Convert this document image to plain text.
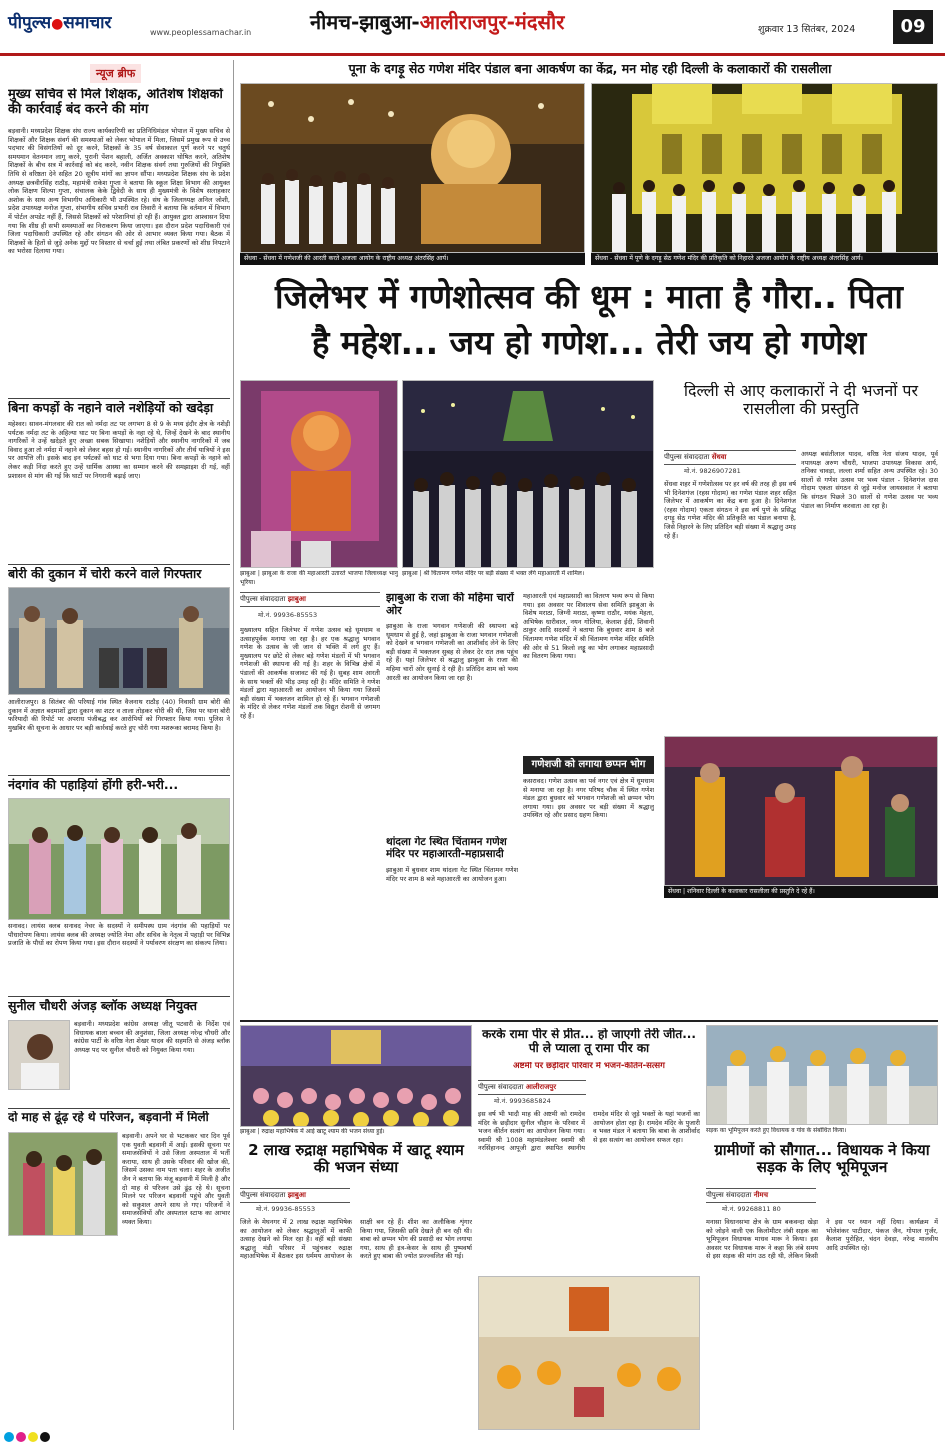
पीपुल्स●समाचार	www.peoplessamachar.in	नीमच-झाबुआ-आलीराजपुर-मंदसौर	शुक्रवार 13 सितंबर, 2024	09
न्यूज ब्रीफ
मुख्य सचिव से मिले शिक्षक, अतिशेष शिक्षकों की कार्रवाई बंद करने की मांग
बड़वानी। मध्यप्रदेश शिक्षक संघ राज्य कार्यकारिणी का प्रतिनिधिमंडल भोपाल में मुख्य सचिव से शिक्षकों और शिक्षक संवर्ग की समस्याओं को लेकर भोपाल में मिला, जिसमें प्रमुख रूप से उच्च पदभार की विसंगतियों को दूर करने, शिक्षकों के 35 वर्ष सेवाकाल पूर्ण करने पर चतुर्थ समयमान वेतनमान लागू करने, पुरानी पेंशन बहाली, अर्जित अवकाश घोषित करने, अतिशेष शिक्षकों के बीच सत्र में कार्रवाई को बंद करने, नवीन शिक्षक संवर्ग तथा गुरुजियों की नियुक्ति तिथि से वरिष्ठता देने सहित 20 सूत्रीय मांगों का ज्ञापन सौंपा। मध्यप्रदेश शिक्षक संघ के प्रदेश अध्यक्ष छत्रवीरसिंह राठौड़, महामंत्री राकेश गुप्ता ने बताया कि स्कूल शिक्षा विभाग की आयुक्त लोक शिक्षण शिल्पा गुप्ता, संचालक केके द्विवेदी के साथ ही मुख्यमंत्री के विशेष सलाहकार अशोक के साथ अन्य विभागीय अधिकारी भी उपस्थित रहे। संघ के जिलाध्यक्ष अनिल जोशी, प्रदेश उपाध्यक्ष मनोज गुप्ता, संभागीय सचिव प्रभारी राव तिवारी ने बताया कि वर्तमान में विभाग में पोर्टल अपडेट नहीं हैं, जिससे शिक्षकों को परेशानियां हो रही हैं। आयुक्त द्वारा आश्वासन दिया गया कि शीघ्र ही सभी समस्याओं का निराकरण किया जाएगा। इस दौरान प्रदेश पदाधिकारी एवं जिला पदाधिकारी उपस्थित रहे और संगठन की ओर से आभार व्यक्त किया गया। बैठक में शिक्षकों के हितों से जुड़े अनेक मुद्दों पर विस्तार से चर्चा हुई तथा लंबित प्रकरणों को शीघ्र निपटाने का भरोसा दिलाया गया।
बिना कपड़ों के नहाने वाले नशेड़ियों को खदेड़ा
महेश्वर। सावन-मंगलवार की रात को नर्मदा तट पर लगभग 8 से 9 के मध्य इंदौर क्षेत्र के नशेड़ी पर्यटक नर्मदा तट के अहिल्या घाट पर बिना कपड़ों के नहा रहे थे, जिन्हें देखने के बाद स्थानीय नागरिकों ने उन्हें खदेड़ते हुए अच्छा सबक सिखाया। नशेड़ियों और स्थानीय नागरिकों में जब विवाद हुआ तो नर्मदा में नहाने को लेकर बहस हो गई। स्थानीय नागरिकों और तीर्थ यात्रियों ने इस पर आपत्ति ली। इसके बाद इन पर्यटकों को घाट से भगा दिया गया। बिना कपड़ों के नहाने को लेकर कड़ी निंदा करते हुए उन्हें धार्मिक आस्था का सम्मान करने की समझाइश दी गई, वहीं प्रशासन से मांग की गई कि घाटों पर निगरानी बढ़ाई जाए।
बोरी की दुकान में चोरी करने वाले गिरफ्तार
आलीराजपुर। 8 सितंबर की परियाई गांव स्थित वैजनाथ राठौड़ (40) निवासी ग्राम बोरी की दुकान में अज्ञात बदमाशों द्वारा दुकान का शटर व ताला तोड़कर चोरी की थी, जिस पर थाना बोरी फरियादी की रिपोर्ट पर अपराध पंजीबद्ध कर आरोपियों को गिरफ्तार किया गया। पुलिस ने मुखबिर की सूचना के आधार पर बड़ी कार्रवाई करते हुए चोरी गया मशरूका बरामद किया है।
नंदगांव की पहाड़ियां होंगी हरी-भरी...
सनावद। लायंस क्लब सनावद नेचर के सदस्यों ने समीपस्थ ग्राम नंदगांव की पहाड़ियों पर पौधारोपण किया। लायंस क्लब की अध्यक्ष ज्योति नेमा और सचिव के नेतृत्व में पहाड़ी पर विभिन्न प्रजाति के पौधों का रोपण किया गया। इस दौरान सदस्यों ने पर्यावरण संरक्षण का संकल्प लिया।
सुनील चौधरी अंजड़ ब्लॉक अध्यक्ष नियुक्त
बड़वानी। मध्यप्रदेश कांग्रेस अध्यक्ष जीतू पटवारी के निर्देश एवं विधायक बाला बच्चन की अनुशंसा, जिला अध्यक्ष नरेन्द्र चौधरी और कांग्रेस पार्टी के वरिष्ठ नेता शेखर यादव की सहमति से अंजड़ ब्लॉक अध्यक्ष पद पर सुनील चौधरी को नियुक्त किया गया।
दो माह से ढूंढ़ रहे थे परिजन, बड़वानी में मिली
बड़वानी। अपने घर से भटककर चार दिन पूर्व एक युवती बड़वानी में आई। इसकी सूचना पर समाजसेवियों ने उसे जिला अस्पताल में भर्ती कराया, साथ ही उसके परिवार की खोज की, जिसमें उसका नाम पता चला। शहर के अजीत जैन ने बताया कि मंजू बड़वानी में मिली है और दो माह से परिजन उसे ढूंढ़ रहे थे। सूचना मिलने पर परिजन बड़वानी पहुंचे और युवती को सकुशल अपने साथ ले गए। परिजनों ने समाजसेवियों और अस्पताल स्टाफ का आभार व्यक्त किया।
पूना के दगड़ू सेठ गणेश मंदिर पंडाल बना आकर्षण का केंद्र, मन मोह रही दिल्ली के कलाकारों की रासलीला
सेंधवा - सेंधवा में गणेशजी की आरती करते अजजा आयोग के राष्ट्रीय अध्यक्ष अंतरसिंह आर्य।	सेंधवा - सेंधवा में पूणे के दगड़ू सेठ गणेश मंदिर की प्रतिकृति को निहारते अजजा आयोग के राष्ट्रीय अध्यक्ष अंतरसिंह आर्य।
जिलेभर में गणेशोत्सव की धूम : माता है गौरा.. पिता
है महेश... जय हो गणेश... तेरी जय हो गणेश
झाबुआ | झाबुआ के राजा की महाआरती उतारते भाजपा जिलाध्यक्ष भानु भूरिया।
झाबुआ | श्री चिंतामण गणेश मंदिर पर बड़ी संख्या में भक्त लेंगे महाआरती में शामिल।
पीपुल्स संवाददाता झाबुआ
मो.नं. 99936-85553
मुख्यालय सहित जिलेभर में गणेश उत्सव बड़े धूमधाम व उत्साहपूर्वक मनाया जा रहा है। हर एक श्रद्धालु भगवान गणेश के उत्सव के जी जान से भक्ति में लगे हुए हैं। मुख्यालय पर छोटे से लेकर बड़े गणेश मंडलों में भी भगवान गणेशजी की स्थापना की गई है। शहर के विभिन्न क्षेत्रों में पंडालों की आकर्षक सजावट की गई है। सुबह शाम आरती के साथ भक्तों की भीड़ उमड़ रही है। मंदिर समिति ने गणेश मंडलों द्वारा महाआरती का आयोजन भी किया गया जिसमें बड़ी संख्या में भक्तजन शामिल हो रहे हैं। भगवान गणेशजी के मंदिर से लेकर गणेश मंडलों तक विद्युत रोशनी से जगमग रहे हैं।
झाबुआ के राजा की महिमा चारों ओर
झाबुआ के राजा भगवान गणेशजी की स्थापना बड़े धूमधाम से हुई है, जहां झाबुआ के राजा भगवान गणेशजी को देखने व भगवान गणेशजी का आशीर्वाद लेने के लिए बड़ी संख्या में भक्तजन सुबह से लेकर देर रात तक पहुंच रहे हैं। यहां जिलेभर से श्रद्धालु झाबुआ के राजा की महिमा चारों ओर सुनाई दे रही है। प्रतिदिन शाम को भव्य आरती का आयोजन किया जा रहा है।
थांदला गेट स्थित चिंतामन गणेश मंदिर पर महाआरती-महाप्रसादी
झाबुआ में बुधवार शाम थांदला गेट स्थित चिंतामन गणेश मंदिर पर शाम 8 बजे महाआरती का आयोजन हुआ।
महाआरती एवं महाप्रसादी का वितरण भव्य रूप से किया गया। इस अवसर पर शिवालय सेवा समिति झाबुआ के विशेष मराठा, जिग्नी मराठा, कृष्णा राठौर, मयंक मेहता, अभिषेक धारीवाल, नयन गोलिया, केलाश ईदी, शिवानी ठाकुर आदि सदस्यों ने बताया कि बुधवार शाम 8 बजे चिंतामण गणेश मंदिर में श्री चिंतामण गणेश मंदिर समिति की ओर से 51 किलो लड्डू का भोग लगाकर महाप्रसादी का वितरण किया गया।
गणेशजी को लगाया छप्पन भोग
कसरावद। गणेश उत्सव का पर्व नगर एवं क्षेत्र में धूमधाम से मनाया जा रहा है। नगर परिषद चौक में स्थित गणेश मंडल द्वारा बुधवार को भगवान गणेशजी को छप्पन भोग लगाया गया। इस अवसर पर बड़ी संख्या में श्रद्धालु उपस्थित रहे और प्रसाद ग्रहण किया।
दिल्ली से आए कलाकारों ने दी भजनों पर रासलीला की प्रस्तुति
पीपुल्स संवाददाता सेंधवा
मो.नं. 9826907281
सेंधवा शहर में गणेशोत्सव पर हर वर्ष की तरह ही इस वर्ष भी दिनेशगंज (रहस गोदाम) का गणेश पंडाल शहर सहित जिलेभर में आकर्षण का केंद्र बना हुआ है। दिनेशगंज (रहस गोदाम) एकता संगठन ने इस वर्ष पुणे के प्रसिद्ध दगड़ू सेठ गणेश मंदिर की प्रतिकृति का पंडाल बनाया है, जिसे निहारने के लिए प्रतिदिन बड़ी संख्या में श्रद्धालु उमड़ रहे हैं।
अध्यक्ष बसंतीलाल यादव, वरिष्ठ नेता संजय यादव, पूर्व नपाध्यक्ष अरुण चौधरी, भाजपा उपाध्यक्ष विकास आर्य, तनिका चावड़ा, लल्ला शर्मा सहित अन्य उपस्थित रहे। 30 सालों से गणेश उत्सव पर भव्य पंडाल - दिनेशगंज दास गोदाम एकता संगठन से जुड़े मनोज जायसवाल ने बताया कि संगठन पिछले 30 सालों से गणेश उत्सव पर भव्य पंडाल का निर्माण करवाता आ रहा है।
सेंधवा | शनिवार दिल्ली के कलाकार रासलीला की प्रस्तुति दे रहे हैं।
झाबुआ | रुद्राक्ष महाभिषेक में आई खाटू श्याम की भजन संध्या हुई।
2 लाख रुद्राक्ष महाभिषेक में खाटू श्याम की भजन संध्या
पीपुल्स संवाददाता झाबुआ
मो.नं. 99936-85553
जिले के मेघनगर में 2 लाख रुद्राक्ष महाभिषेक का आयोजन को लेकर श्रद्धालुओं में काफी उत्साह देखने को मिल रहा है। वहीं बड़ी संख्या श्रद्धालु मंडी परिसर में पहुंचकर रुद्राक्ष महाअभिषेक में बैठकर इस धर्ममय आयोजन के साक्षी बन रहे हैं। शीश का अलौकिक शृंगार किया गया, जिसकी छवि देखते ही बन रही थी। बाबा को छप्पन भोग की प्रसादी का भोग लगाया गया, साथ ही इत्र-केसर के साथ ही पुष्पवर्षा करते हुए बाबा की ज्योत प्रज्ज्वलित की गई।
करके रामा पीर से प्रीत... हो जाएगी तेरी जीत... पी ले प्याला तू रामा पीर का
अष्टमी पर छड़ीदार परिवार में भजन-कीर्तन-सत्संग
पीपुल्स संवाददाता आलीराजपुर
मो.नं. 9993685824
इस वर्ष भी भादौ माह की अष्टमी को रामदेव मंदिर के छड़ीदार सुनील चौहान के परिवार में भजन कीर्तन सत्संग का आयोजन किया गया। स्वामी श्री 1008 महामंडलेश्वर स्वामी श्री नरसिंहानन्द आपूजी द्वारा स्थापित स्थानीय रामदेव मंदिर से जुड़े भक्तों के यहां भजनों का आयोजन होता रहा है। रामदेव मंदिर के पुजारी व भक्त मंडल ने बताया कि बाबा के आशीर्वाद से इस सत्संग का आयोजन सफल रहा।
सड़क का भूमिपूजन करते हुए विधायक व गांव के संबोधित किया।
ग्रामीणों को सौगात... विधायक ने किया सड़क के लिए भूमिपूजन
पीपुल्स संवाददाता नीमच
मो.नं. 99268811 80
मनासा विधानसभा क्षेत्र के ग्राम बकवन्दा खेड़ा को जोड़ने वाली एक किलोमीटर लंबी सड़क का भूमिपूजन विधायक माधव मारू ने किया। इस अवसर पर विधायक मारू ने कहा कि लंबे समय से इस सड़क की मांग उठ रही थी, लेकिन किसी ने इस पर ध्यान नहीं दिया। कार्यक्रम में भोलेशंकर पाटीदार, पंकज जैन, गोपाल गुर्जर, कैलाश पुरोहित, चंदन देवड़ा, नरेन्द्र मालवीय आदि उपस्थित रहे।
